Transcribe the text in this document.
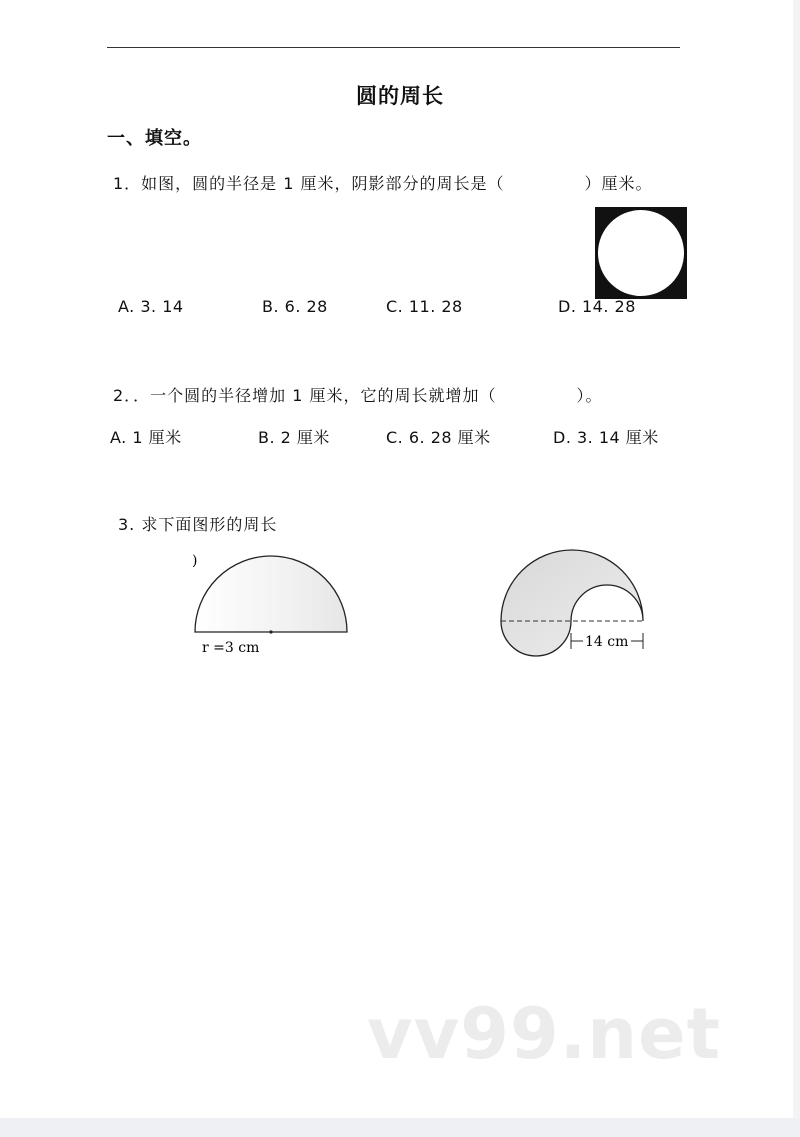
圆的周长
一、填空。
1．如图，圆的半径是 1 厘米，阴影部分的周长是（	）厘米。
A. 3. 14	B. 6. 28	C. 11. 28	D. 14. 28
2．．一个圆的半径增加 1 厘米，它的周长就增加（	）。
A. 1 厘米	B. 2 厘米	C. 6. 28 厘米	D. 3. 14 厘米
3. 求下面图形的周长
)
r =3 cm	14 cm
vv99.net
